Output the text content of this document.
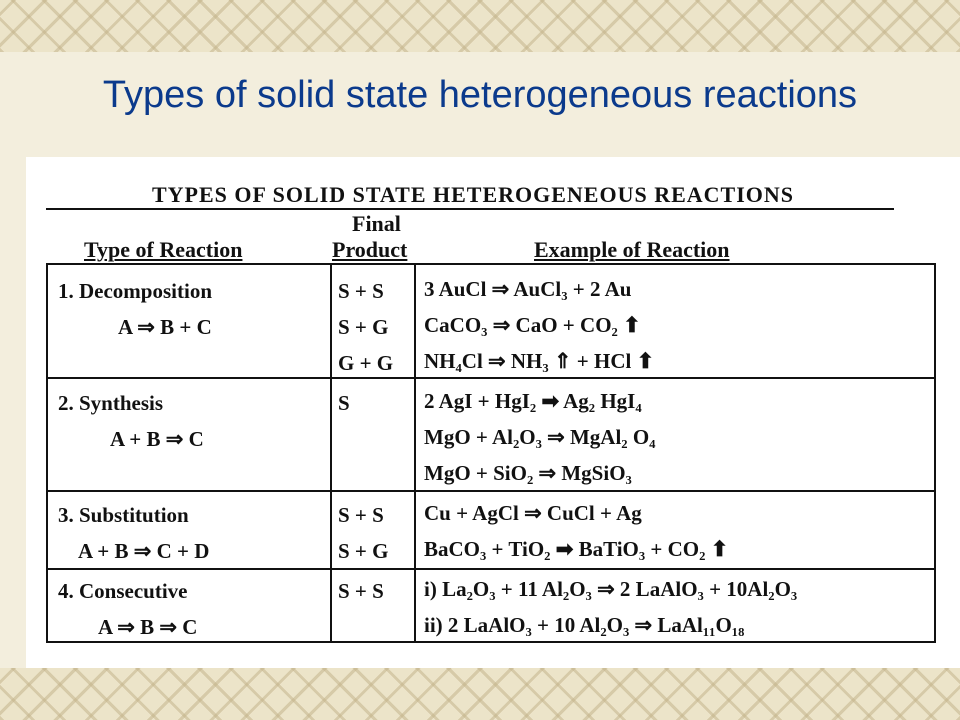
Types of solid state heterogeneous reactions
TYPES OF SOLID STATE HETEROGENEOUS REACTIONS
Type of Reaction
Final
Product	Example of Reaction
1. Decomposition
A ⇒ B + C
S + S
S + G
G + G
3 AuCl ⇒ AuCl₃ + 2 Au
CaCO₃ ⇒ CaO + CO₂ ⬆
NH₄Cl ⇒ NH₃ ⇑ + HCl ⬆
2. Synthesis
A + B ⇒ C
S	2 AgI + HgI₂ ➡ Ag₂ HgI₄
MgO + Al₂O₃ ⇒ MgAl₂ O₄
MgO + SiO₂ ⇒ MgSiO₃
3. Substitution
A + B ⇒ C + D
S + S
S + G
Cu + AgCl ⇒ CuCl + Ag
BaCO₃ + TiO₂ ➡ BaTiO₃ + CO₂ ⬆
4. Consecutive
A ⇒ B ⇒ C
S + S i) La₂O₃ + 11 Al₂O₃ ⇒ 2 LaAlO₃ + 10Al₂O₃
ii) 2 LaAlO₃ + 10 Al₂O₃ ⇒ LaAl₁₁O₁₈
